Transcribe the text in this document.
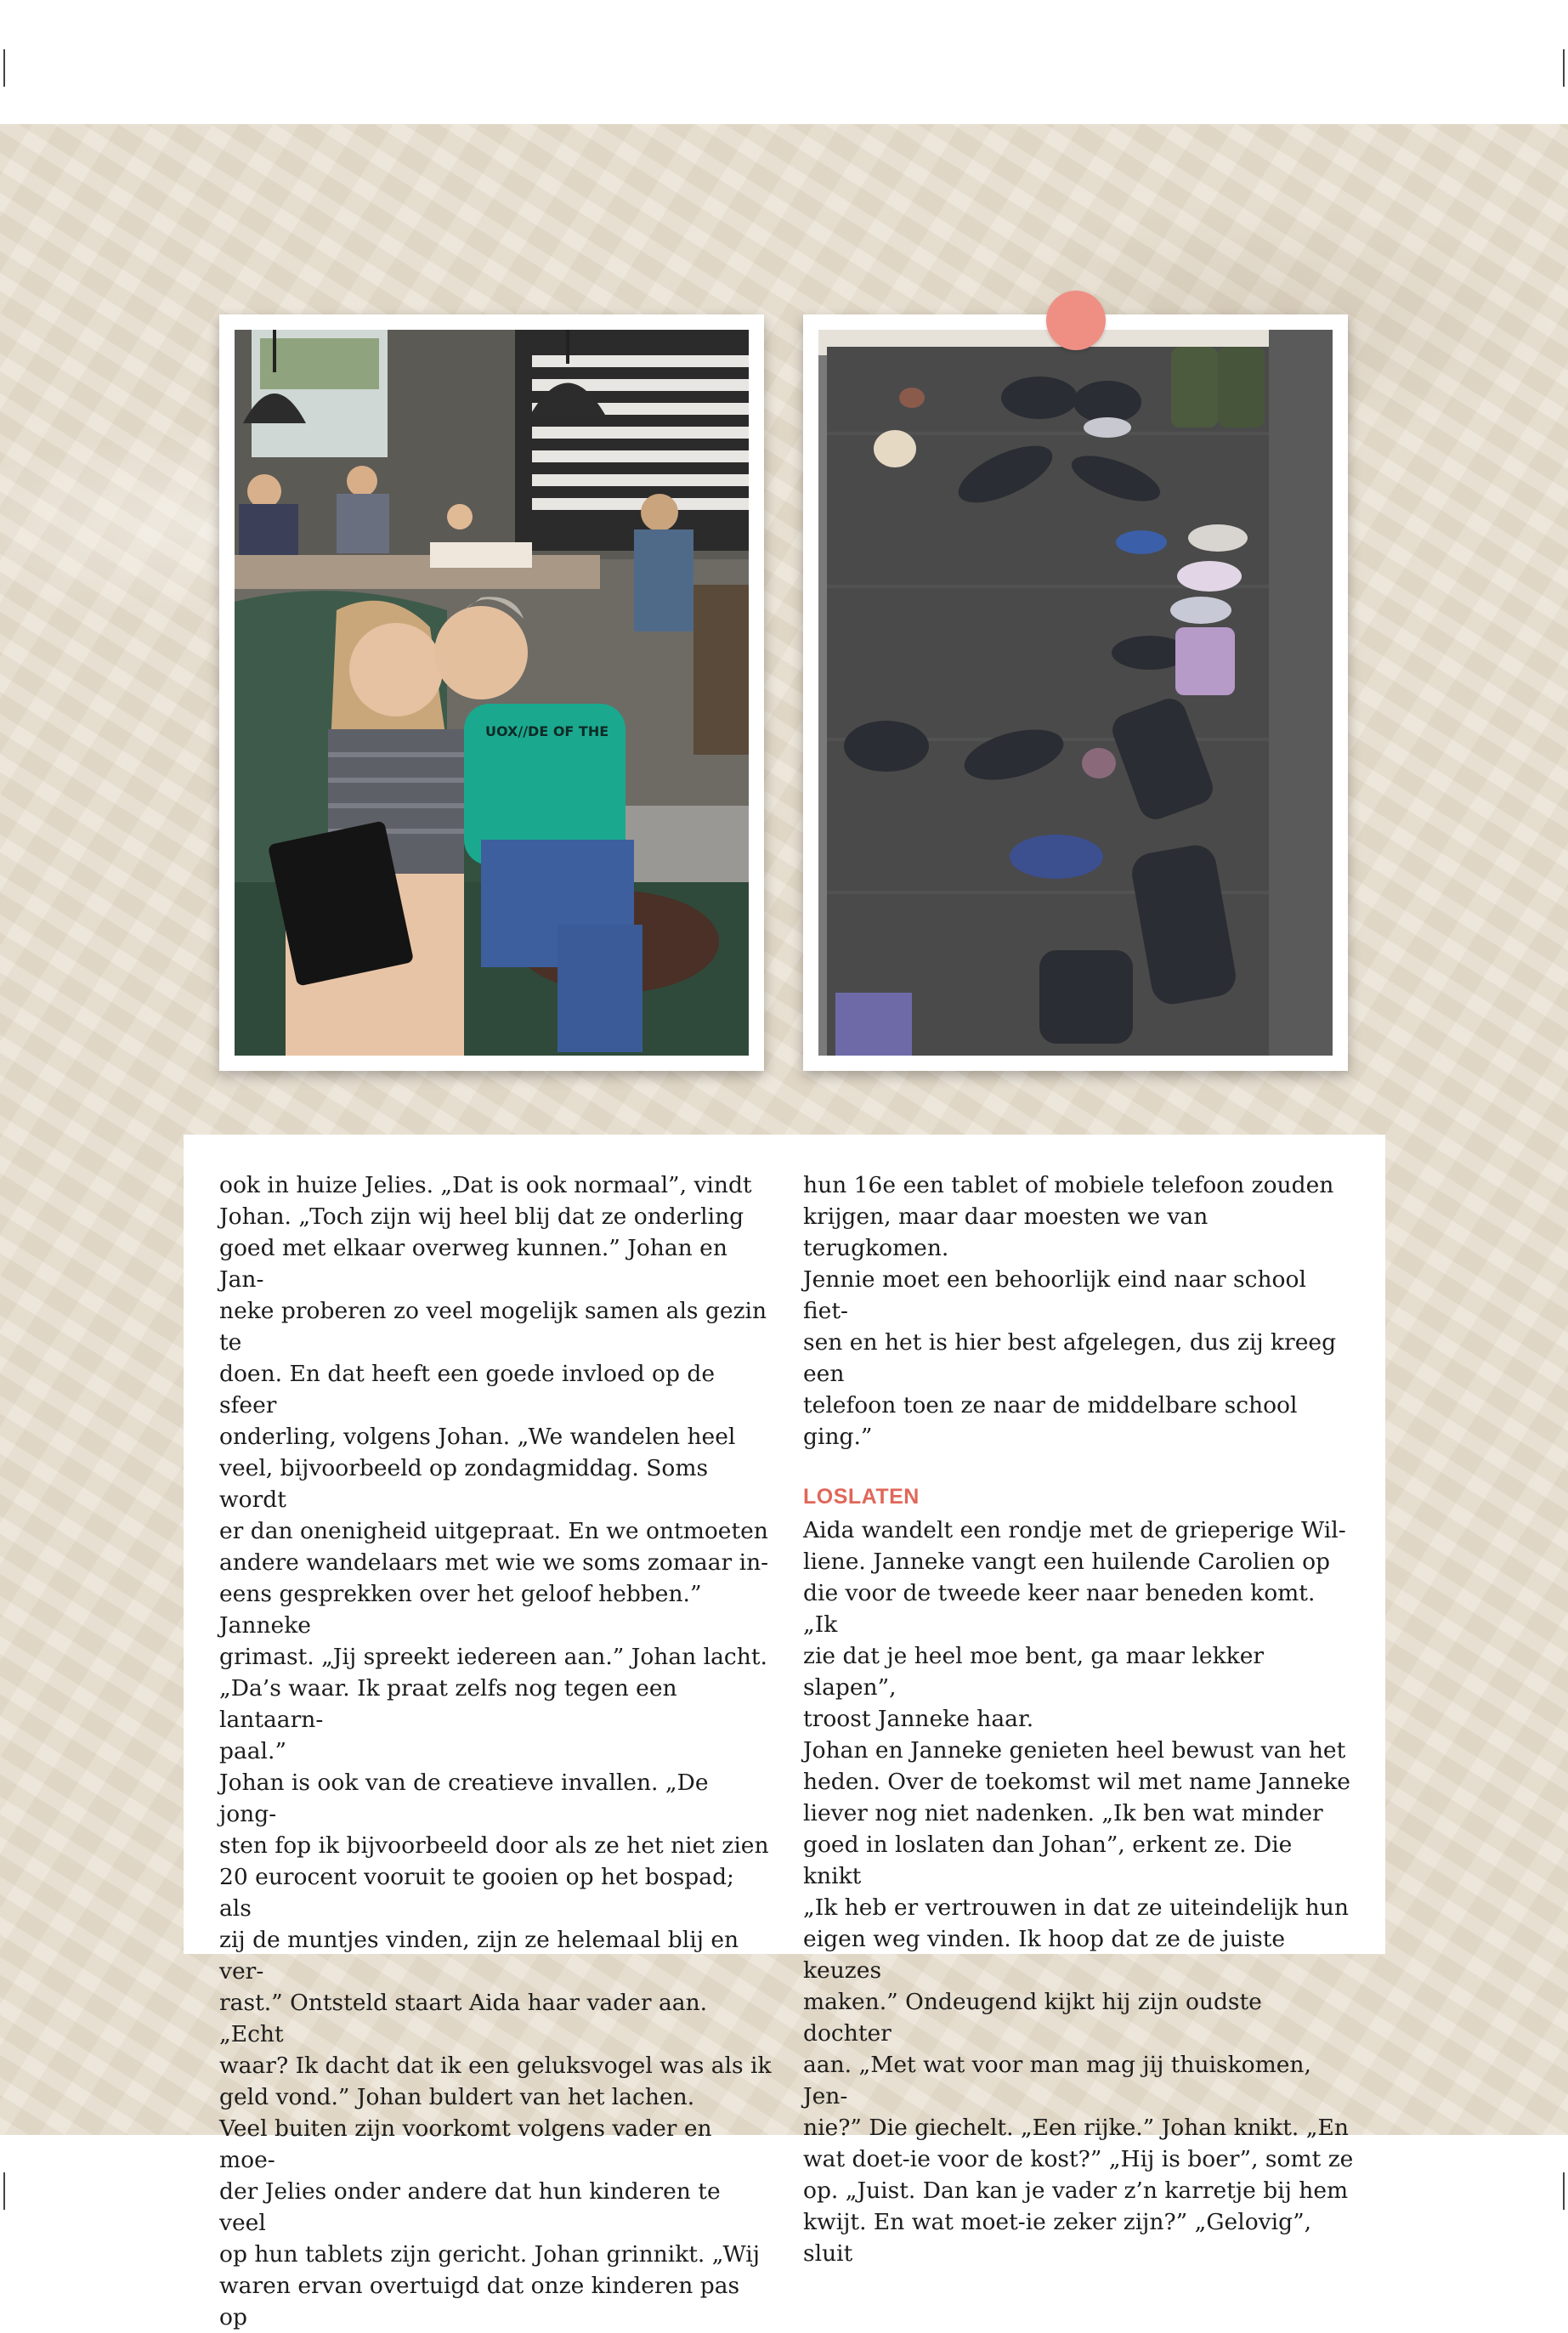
UOX//DE OF THE

ook in huize Jelies. „Dat is ook normaal”, vindt
Johan. „Toch zijn wij heel blij dat ze onderling
goed met elkaar overweg kunnen.” Johan en Jan-
neke proberen zo veel mogelijk samen als gezin te
doen. En dat heeft een goede invloed op de sfeer
onderling, volgens Johan. „We wandelen heel
veel, bijvoorbeeld op zondagmiddag. Soms wordt
er dan onenigheid uitgepraat. En we ontmoeten
andere wandelaars met wie we soms zomaar in-
eens gesprekken over het geloof hebben.” Janneke
grimast. „Jij spreekt iedereen aan.” Johan lacht.
„Da’s waar. Ik praat zelfs nog tegen een lantaarn-
paal.”
Johan is ook van de creatieve invallen. „De jong-
sten fop ik bijvoorbeeld door als ze het niet zien
20 eurocent vooruit te gooien op het bospad; als
zij de muntjes vinden, zijn ze helemaal blij en ver-
rast.” Ontsteld staart Aida haar vader aan. „Echt
waar? Ik dacht dat ik een geluksvogel was als ik
geld vond.” Johan buldert van het lachen.
Veel buiten zijn voorkomt volgens vader en moe-
der Jelies onder andere dat hun kinderen te veel
op hun tablets zijn gericht. Johan grinnikt. „Wij
waren ervan overtuigd dat onze kinderen pas op

hun 16e een tablet of mobiele telefoon zouden
krijgen, maar daar moesten we van terugkomen.
Jennie moet een behoorlijk eind naar school fiet-
sen en het is hier best afgelegen, dus zij kreeg een
telefoon toen ze naar de middelbare school ging.”

LOSLATEN

Aida wandelt een rondje met de grieperige Wil-
liene. Janneke vangt een huilende Carolien op
die voor de tweede keer naar beneden komt. „Ik
zie dat je heel moe bent, ga maar lekker slapen”,
troost Janneke haar.
Johan en Janneke genieten heel bewust van het
heden. Over de toekomst wil met name Janneke
liever nog niet nadenken. „Ik ben wat minder
goed in loslaten dan Johan”, erkent ze. Die knikt
„Ik heb er vertrouwen in dat ze uiteindelijk hun
eigen weg vinden. Ik hoop dat ze de juiste keuzes
maken.” Ondeugend kijkt hij zijn oudste dochter
aan. „Met wat voor man mag jij thuiskomen, Jen-
nie?” Die giechelt. „Een rijke.” Johan knikt. „En
wat doet-ie voor de kost?” „Hij is boer”, somt ze
op. „Juist. Dan kan je vader z’n karretje bij hem
kwijt. En wat moet-ie zeker zijn?” „Gelovig”, sluit
